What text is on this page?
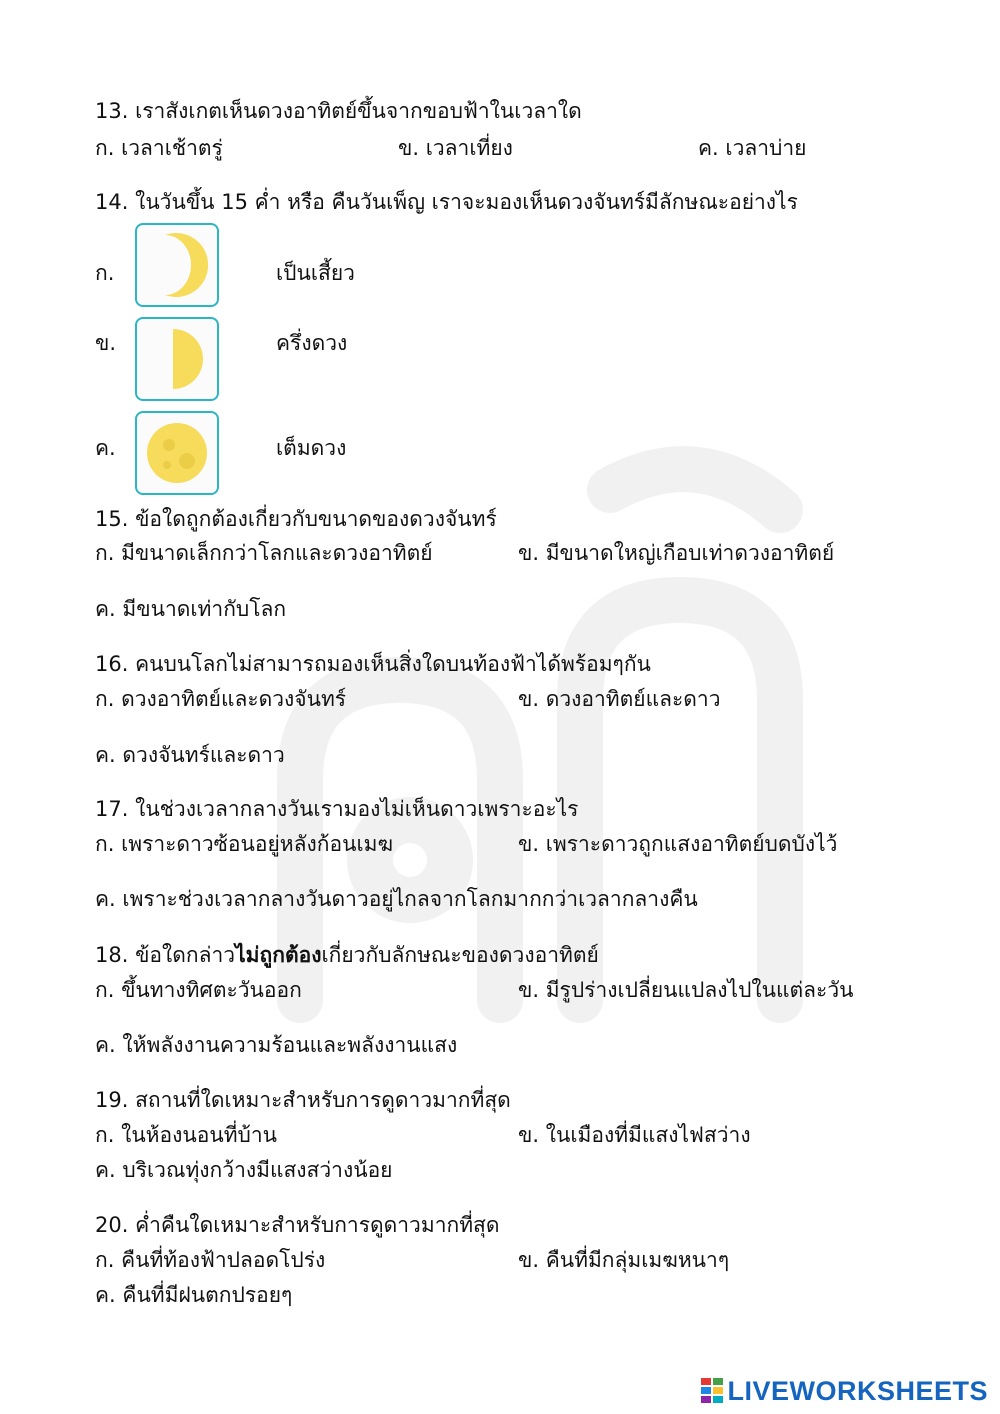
13. เราสังเกตเห็นดวงอาทิตย์ขึ้นจากขอบฟ้าในเวลาใด
ก. เวลาเช้าตรู่	ข. เวลาเที่ยง	ค. เวลาบ่าย
14. ในวันขึ้น 15 ค่ำ หรือ คืนวันเพ็ญ เราจะมองเห็นดวงจันทร์มีลักษณะอย่างไร
ก.	เป็นเสี้ยว
ข.	ครึ่งดวง
ค.	เต็มดวง
15. ข้อใดถูกต้องเกี่ยวกับขนาดของดวงจันทร์
ก. มีขนาดเล็กกว่าโลกและดวงอาทิตย์	ข. มีขนาดใหญ่เกือบเท่าดวงอาทิตย์
ค. มีขนาดเท่ากับโลก
16. คนบนโลกไม่สามารถมองเห็นสิ่งใดบนท้องฟ้าได้พร้อมๆกัน
ก. ดวงอาทิตย์และดวงจันทร์	ข. ดวงอาทิตย์และดาว
ค. ดวงจันทร์และดาว
17. ในช่วงเวลากลางวันเรามองไม่เห็นดาวเพราะอะไร
ก. เพราะดาวซ้อนอยู่หลังก้อนเมฆ	ข. เพราะดาวถูกแสงอาทิตย์บดบังไว้
ค. เพราะช่วงเวลากลางวันดาวอยู่ไกลจากโลกมากกว่าเวลากลางคืน
18. ข้อใดกล่าวไม่ถูกต้องเกี่ยวกับลักษณะของดวงอาทิตย์
ก. ขึ้นทางทิศตะวันออก	ข. มีรูปร่างเปลี่ยนแปลงไปในแต่ละวัน
ค. ให้พลังงานความร้อนและพลังงานแสง
19. สถานที่ใดเหมาะสำหรับการดูดาวมากที่สุด
ก. ในห้องนอนที่บ้าน	ข. ในเมืองที่มีแสงไฟสว่าง
ค. บริเวณทุ่งกว้างมีแสงสว่างน้อย
20. ค่ำคืนใดเหมาะสำหรับการดูดาวมากที่สุด
ก. คืนที่ท้องฟ้าปลอดโปร่ง	ข. คืนที่มีกลุ่มเมฆหนาๆ
ค. คืนที่มีฝนตกปรอยๆ
LIVEWORKSHEETS
